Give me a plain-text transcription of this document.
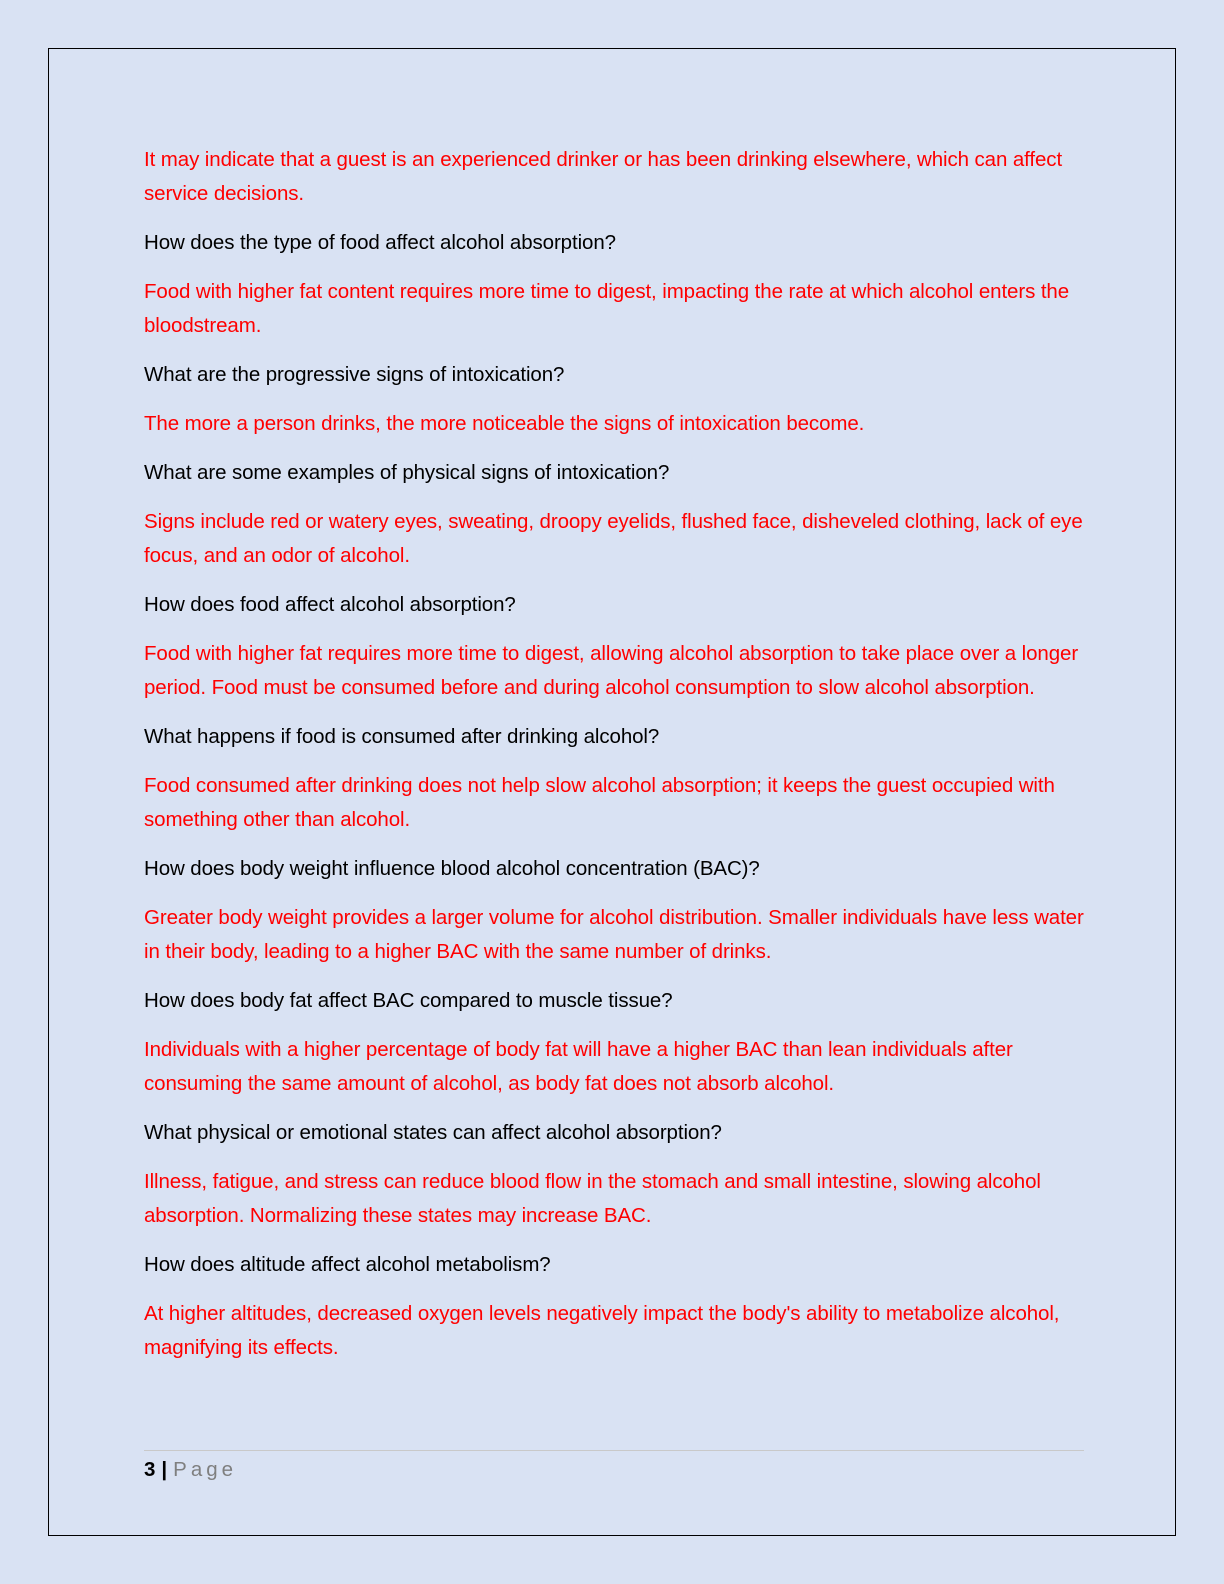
It may indicate that a guest is an experienced drinker or has been drinking elsewhere, which can affect service decisions.

How does the type of food affect alcohol absorption?

Food with higher fat content requires more time to digest, impacting the rate at which alcohol enters the bloodstream.

What are the progressive signs of intoxication?

The more a person drinks, the more noticeable the signs of intoxication become.

What are some examples of physical signs of intoxication?

Signs include red or watery eyes, sweating, droopy eyelids, flushed face, disheveled clothing, lack of eye focus, and an odor of alcohol.

How does food affect alcohol absorption?

Food with higher fat requires more time to digest, allowing alcohol absorption to take place over a longer period. Food must be consumed before and during alcohol consumption to slow alcohol absorption.

What happens if food is consumed after drinking alcohol?

Food consumed after drinking does not help slow alcohol absorption; it keeps the guest occupied with something other than alcohol.

How does body weight influence blood alcohol concentration (BAC)?

Greater body weight provides a larger volume for alcohol distribution. Smaller individuals have less water in their body, leading to a higher BAC with the same number of drinks.

How does body fat affect BAC compared to muscle tissue?

Individuals with a higher percentage of body fat will have a higher BAC than lean individuals after consuming the same amount of alcohol, as body fat does not absorb alcohol.

What physical or emotional states can affect alcohol absorption?

Illness, fatigue, and stress can reduce blood flow in the stomach and small intestine, slowing alcohol absorption. Normalizing these states may increase BAC.

How does altitude affect alcohol metabolism?

At higher altitudes, decreased oxygen levels negatively impact the body's ability to metabolize alcohol, magnifying its effects.

3 | Page
